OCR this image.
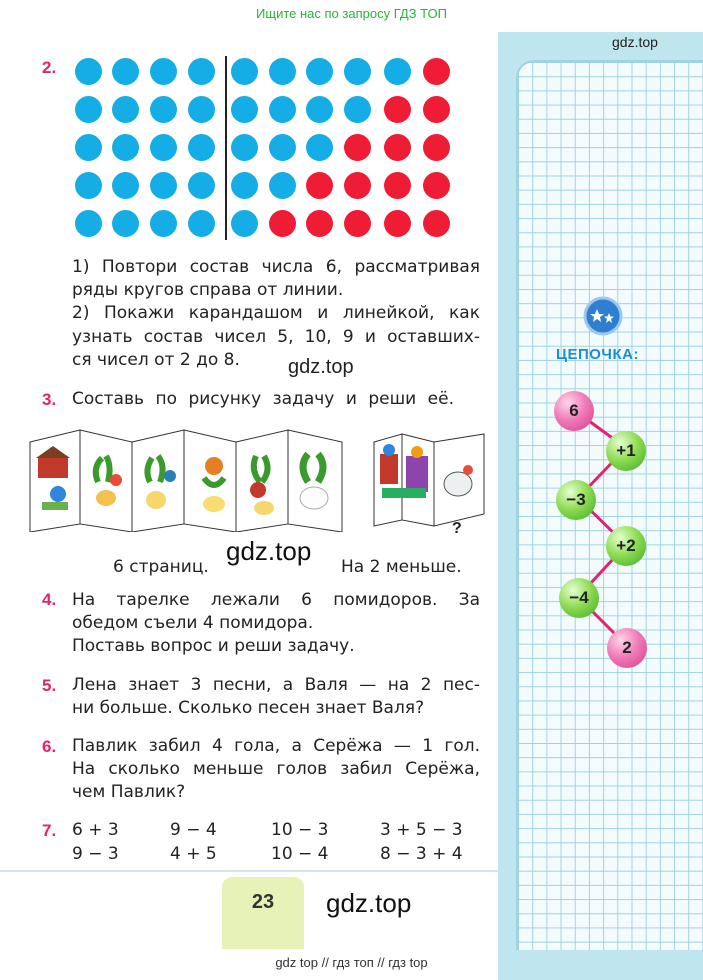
Ищите нас по запросу ГДЗ ТОП
gdz.top
2.
1) Повтори состав числа 6, рассматривая
ряды кругов справа от линии.
2) Покажи карандашом и линейкой, как
узнать состав чисел 5, 10, 9 и оставших-
ся чисел от 2 до 8.	gdz.top
3. Составь по рисунку задачу и реши её.
?
6 страниц.
gdz.top
На 2 меньше.
4. На тарелке лежали 6 помидоров. За
обедом съели 4 помидора.
Поставь вопрос и реши задачу.
5. Лена знает 3 песни, а Валя — на 2 пес-
ни больше. Сколько песен знает Валя?
6. Павлик забил 4 гола, а Серёжа — 1 гол.
На сколько меньше голов забил Серёжа,
чем Павлик?
7. 6 + 3
9 − 3
9 − 4
4 + 5
10 − 3
10 − 4
3 + 5 − 3
8 − 3 + 4
23	gdz.top
ЦЕПОЧКА:
6
+1
−3
+2
−4
2
gdz top // гдз топ // гдз top
